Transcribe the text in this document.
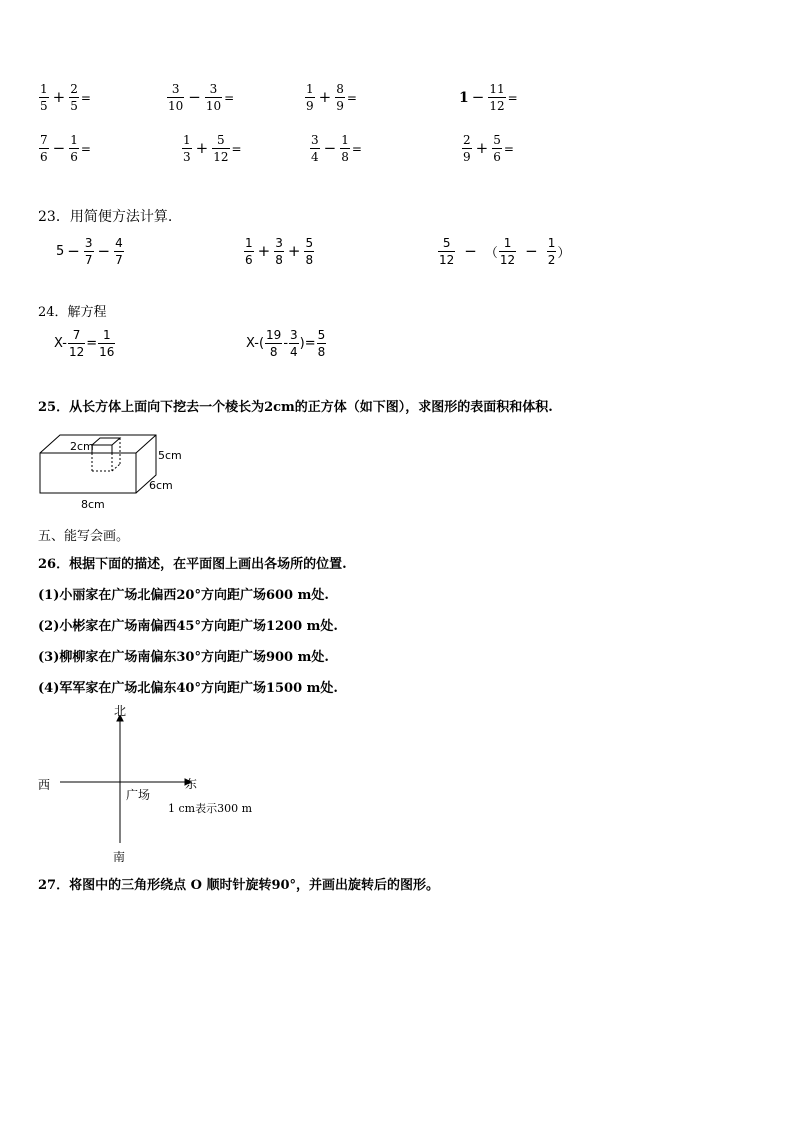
$\frac{1}{5} + \frac{2}{5}$ =	$\frac{3}{10} - \frac{3}{10}$ =	$\frac{1}{9} + \frac{8}{9}$ =	$1 - \frac{11}{12}$ =
$\frac{7}{6} - \frac{1}{6}$ =	$\frac{1}{3} + \frac{5}{12}$ =	$\frac{3}{4} - \frac{1}{8}$ =	$\frac{2}{9} + \frac{5}{6}$ =
23．用简便方法计算.
$5 - \frac{3}{7} - \frac{4}{7}$	$\frac{1}{6} + \frac{3}{8} + \frac{5}{8}$	$\frac{5}{12}$ − （ $\frac{1}{12} - \frac{1}{2}$ ）
24．解方程
$X- \frac{7}{12} = \frac{1}{16}$	$X-( \frac{19}{8} - \frac{3}{4}$ )= $\frac{5}{8}$
25．从长方体上面向下挖去一个棱长为2cm的正方体（如下图），求图形的表面积和体积.
2cm
5cm
6cm
8cm
五、能写会画。
26．根据下面的描述，在平面图上画出各场所的位置.
(1)小丽家在广场北偏西20°方向距广场600 m处.
(2)小彬家在广场南偏西45°方向距广场1200 m处.
(3)柳柳家在广场南偏东30°方向距广场900 m处.
(4)军军家在广场北偏东40°方向距广场1500 m处.
北
南
西	东
广场
1 cm表示300 m
27．将图中的三角形绕点 O 顺时针旋转90°，并画出旋转后的图形。
